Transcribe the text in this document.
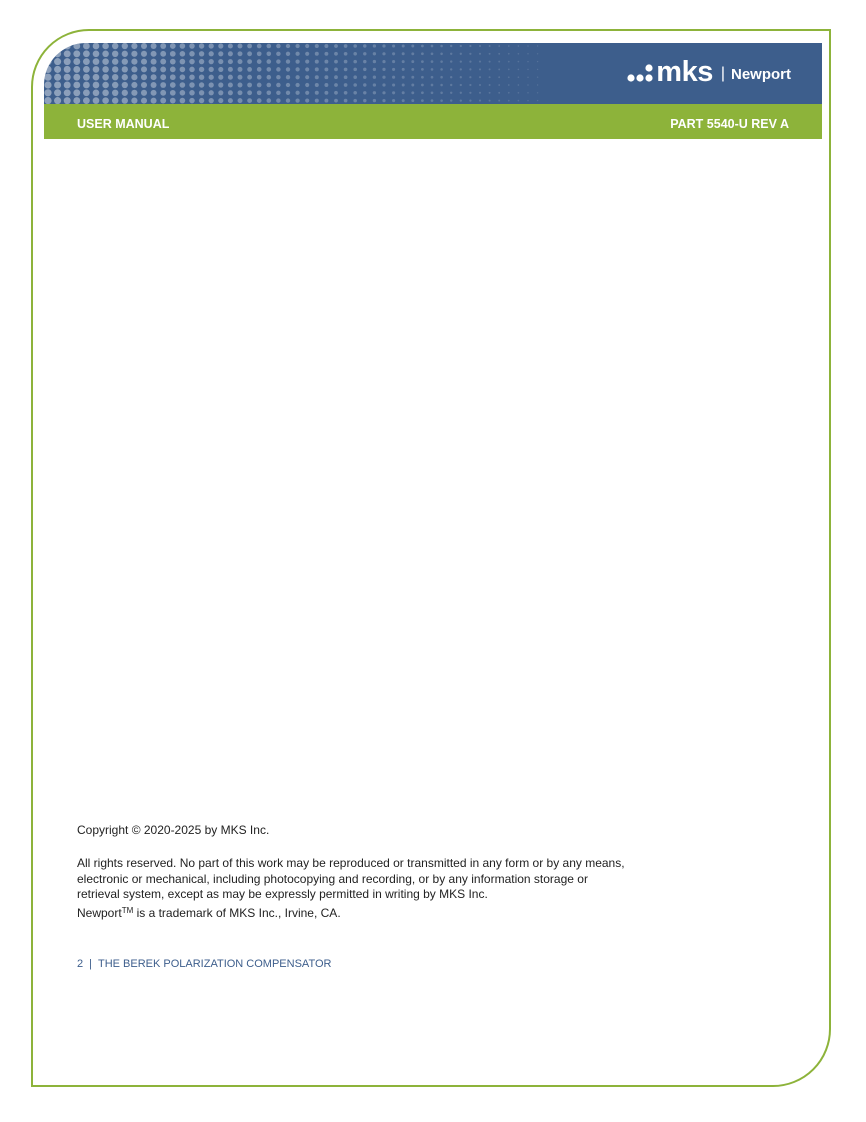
mks | Newport
USER MANUAL	PART 5540-U REV A
Copyright © 2020-2025 by MKS Inc.
All rights reserved. No part of this work may be reproduced or transmitted in any form or by any means,
electronic or mechanical, including photocopying and recording, or by any information storage or
retrieval system, except as may be expressly permitted in writing by MKS Inc.
Newport™ is a trademark of MKS Inc., Irvine, CA.
2 | THE BEREK POLARIZATION COMPENSATOR
